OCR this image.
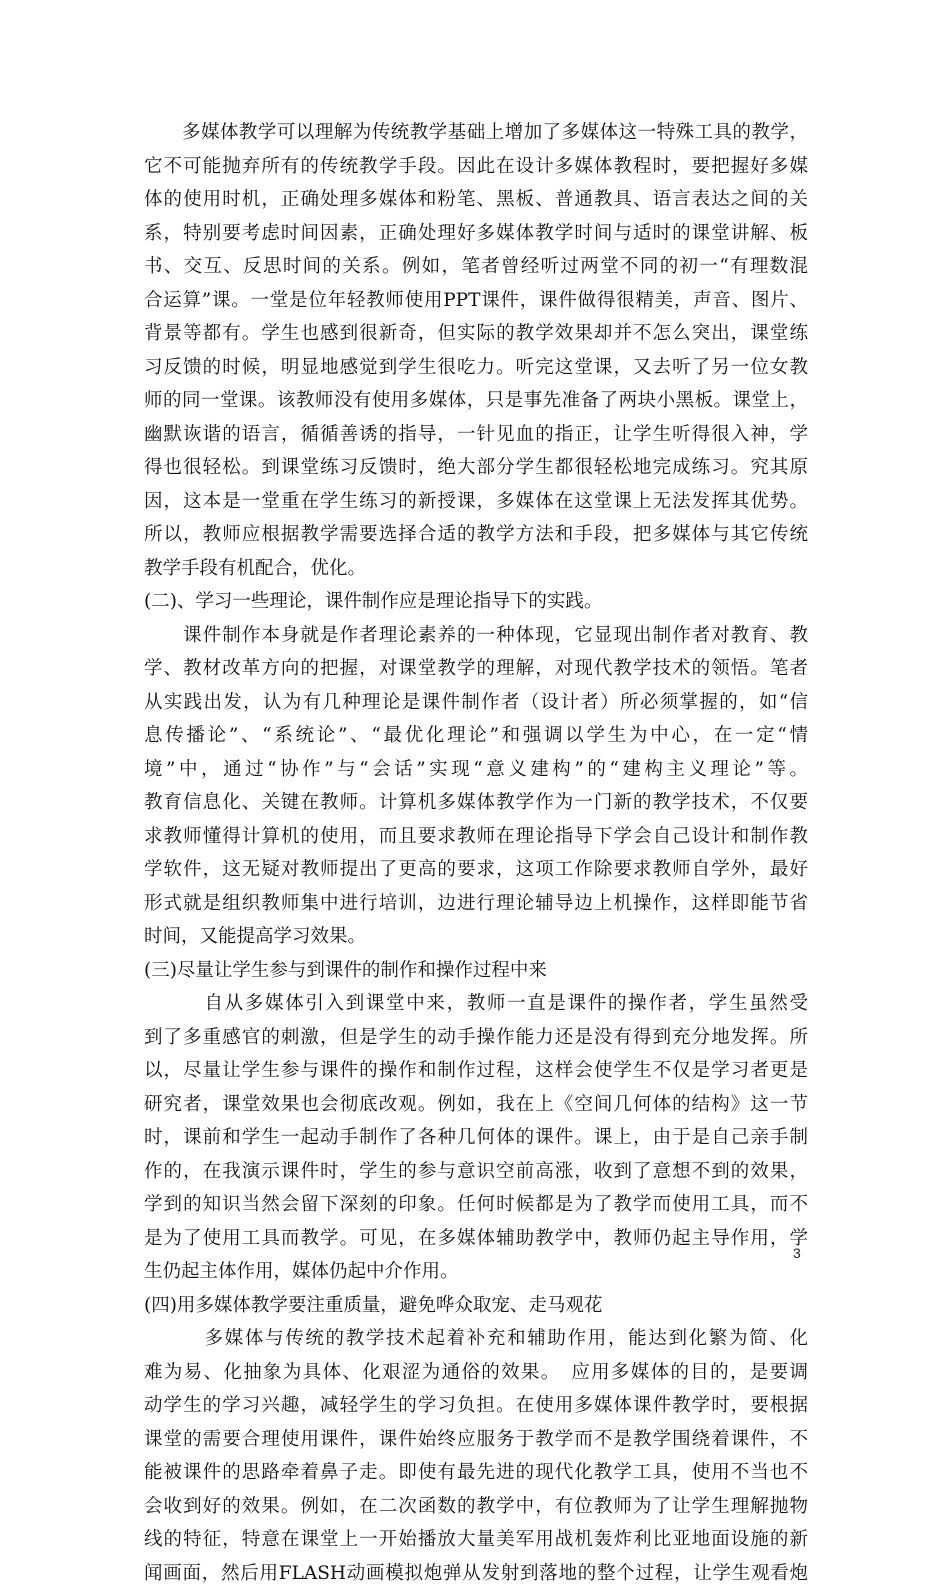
　　多媒体教学可以理解为传统教学基础上增加了多媒体这一特殊工具的教学，
它不可能抛弃所有的传统教学手段。因此在设计多媒体教程时，要把握好多媒
体的使用时机，正确处理多媒体和粉笔、黑板、普通教具、语言表达之间的关
系，特别要考虑时间因素，正确处理好多媒体教学时间与适时的课堂讲解、板
书、交互、反思时间的关系。例如，笔者曾经听过两堂不同的初一“有理数混
合运算”课。一堂是位年轻教师使用PPT课件，课件做得很精美，声音、图片、
背景等都有。学生也感到很新奇，但实际的教学效果却并不怎么突出，课堂练
习反馈的时候，明显地感觉到学生很吃力。听完这堂课，又去听了另一位女教
师的同一堂课。该教师没有使用多媒体，只是事先准备了两块小黑板。课堂上，
幽默诙谐的语言，循循善诱的指导，一针见血的指正，让学生听得很入神，学
得也很轻松。到课堂练习反馈时，绝大部分学生都很轻松地完成练习。究其原
因，这本是一堂重在学生练习的新授课，多媒体在这堂课上无法发挥其优势。
所以，教师应根据教学需要选择合适的教学方法和手段，把多媒体与其它传统
教学手段有机配合，优化。
(二)、学习一些理论，课件制作应是理论指导下的实践。
　　课件制作本身就是作者理论素养的一种体现，它显现出制作者对教育、教
学、教材改革方向的把握，对课堂教学的理解，对现代教学技术的领悟。笔者
从实践出发，认为有几种理论是课件制作者（设计者）所必须掌握的，如“信
息传播论”、“系统论”、“最优化理论”和强调以学生为中心，在一定“情
境”中，通过“协作”与“会话”实现“意义建构”的“建构主义理论”等。
教育信息化、关键在教师。计算机多媒体教学作为一门新的教学技术，不仅要
求教师懂得计算机的使用，而且要求教师在理论指导下学会自己设计和制作教
学软件，这无疑对教师提出了更高的要求，这项工作除要求教师自学外，最好
形式就是组织教师集中进行培训，边进行理论辅导边上机操作，这样即能节省
时间，又能提高学习效果。
(三)尽量让学生参与到课件的制作和操作过程中来
　　　自从多媒体引入到课堂中来，教师一直是课件的操作者，学生虽然受
到了多重感官的刺激，但是学生的动手操作能力还是没有得到充分地发挥。所
以，尽量让学生参与课件的操作和制作过程，这样会使学生不仅是学习者更是
研究者，课堂效果也会彻底改观。例如，我在上《空间几何体的结构》这一节
时，课前和学生一起动手制作了各种几何体的课件。课上，由于是自己亲手制
作的，在我演示课件时，学生的参与意识空前高涨，收到了意想不到的效果，
学到的知识当然会留下深刻的印象。任何时候都是为了教学而使用工具，而不
是为了使用工具而教学。可见，在多媒体辅助教学中，教师仍起主导作用，学
生仍起主体作用，媒体仍起中介作用。
(四)用多媒体教学要注重质量，避免哗众取宠、走马观花
　　　多媒体与传统的教学技术起着补充和辅助作用，能达到化繁为简、化
难为易、化抽象为具体、化艰涩为通俗的效果。　应用多媒体的目的，是要调
动学生的学习兴趣，减轻学生的学习负担。在使用多媒体课件教学时，要根据
课堂的需要合理使用课件，课件始终应服务于教学而不是教学围绕着课件，不
能被课件的思路牵着鼻子走。即使有最先进的现代化教学工具，使用不当也不
会收到好的效果。例如，在二次函数的教学中，有位教师为了让学生理解抛物
线的特征，特意在课堂上一开始播放大量美军用战机轰炸利比亚地面设施的新
闻画面，然后用FLASH动画模拟炮弹从发射到落地的整个过程，让学生观看炮
3
